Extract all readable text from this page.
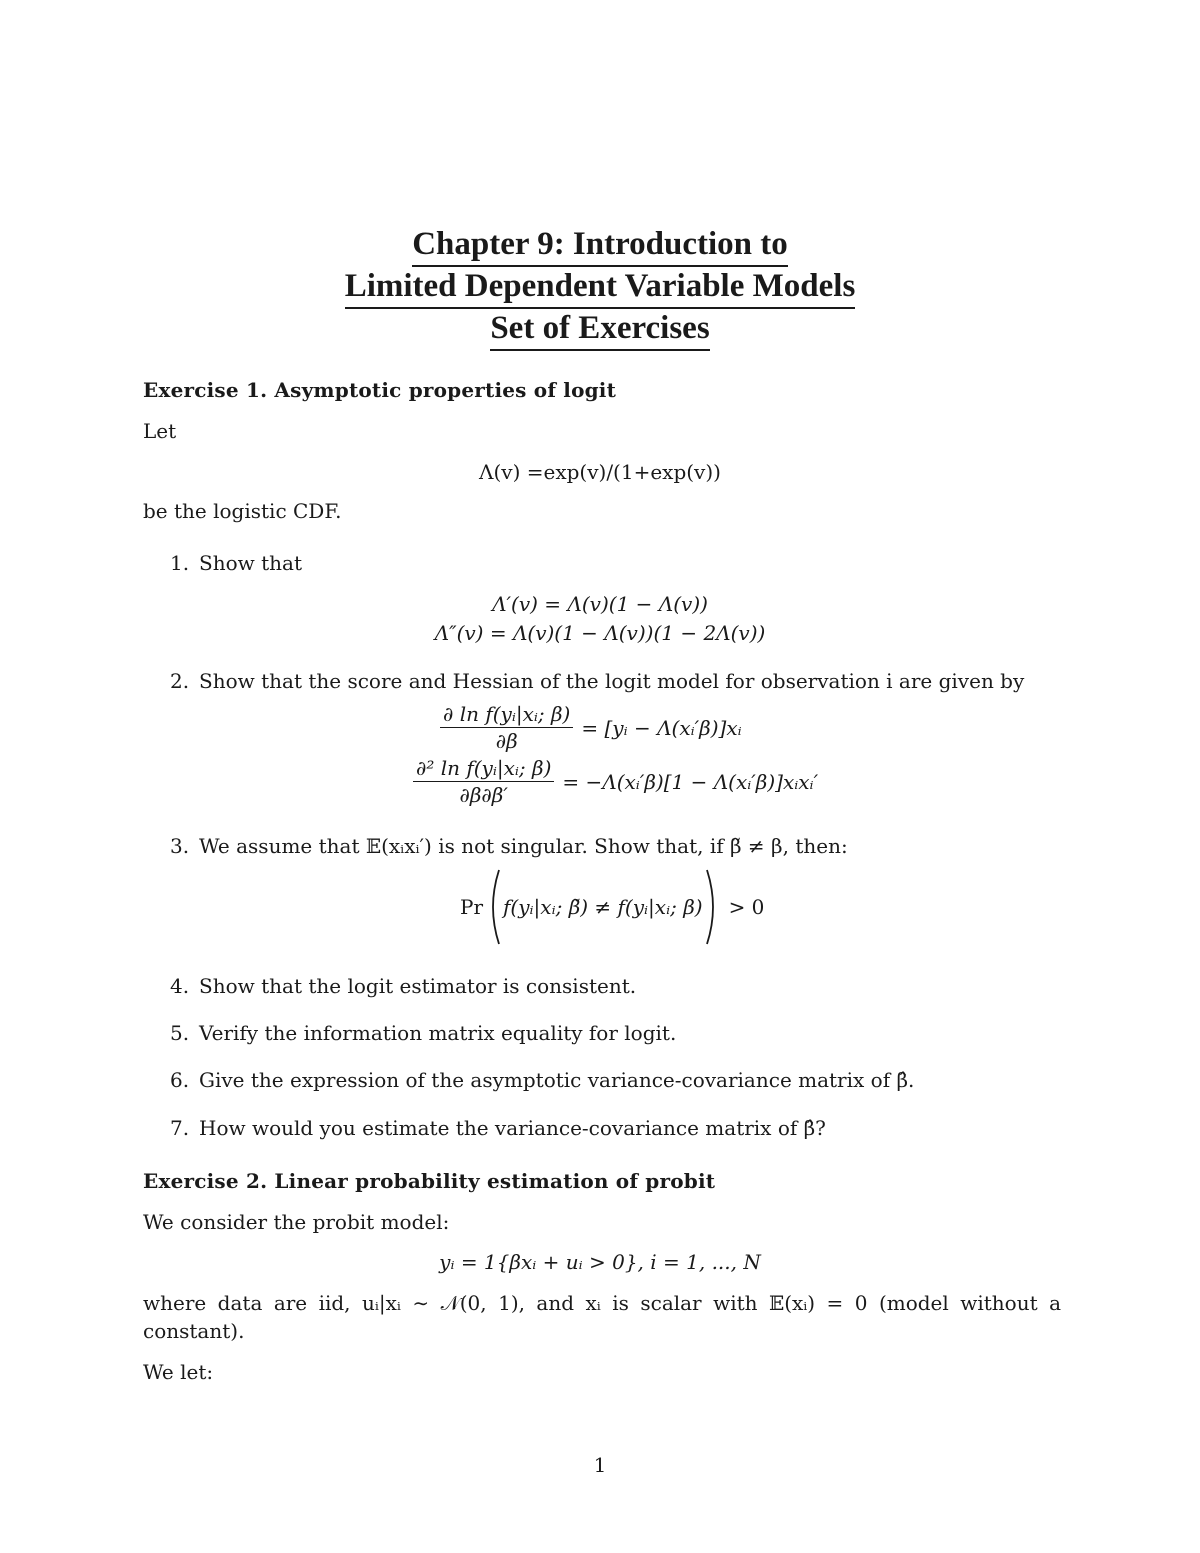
Chapter 9: Introduction to
Limited Dependent Variable Models
Set of Exercises
Exercise 1. Asymptotic properties of logit
Let
Λ(v) =exp(v)/(1+exp(v))
be the logistic CDF.
1. Show that
Λ′(v) = Λ(v)(1 − Λ(v))
Λ″(v) = Λ(v)(1 − Λ(v))(1 − 2Λ(v))
2. Show that the score and Hessian of the logit model for observation i are given by
$\frac{\text{∂ ln f(yᵢ|xᵢ; β)}}{\partial\beta}$ = [yᵢ − Λ(xᵢ′β)]xᵢ
$\frac{\text{∂² ln f(yᵢ|xᵢ; β)}}{\partial\beta\partial\beta'}$ = −Λ(xᵢ′β)[1 − Λ(xᵢ′β)]xᵢxᵢ′
3. We assume that 𝔼(xᵢxᵢ′) is not singular. Show that, if β̃ ≠ β, then:
Pr f(yᵢ|xᵢ; β̃) ≠ f(yᵢ|xᵢ; β) > 0
4. Show that the logit estimator is consistent.
5. Verify the information matrix equality for logit.
6. Give the expression of the asymptotic variance-covariance matrix of β̂.
7. How would you estimate the variance-covariance matrix of β̂?
Exercise 2. Linear probability estimation of probit
We consider the probit model:
yᵢ = 1{βxᵢ + uᵢ > 0}, i = 1, ..., N
where data are iid, uᵢ|xᵢ ∼ 𝒩(0, 1), and xᵢ is scalar with 𝔼(xᵢ) = 0 (model without a
constant).
We let:
1
